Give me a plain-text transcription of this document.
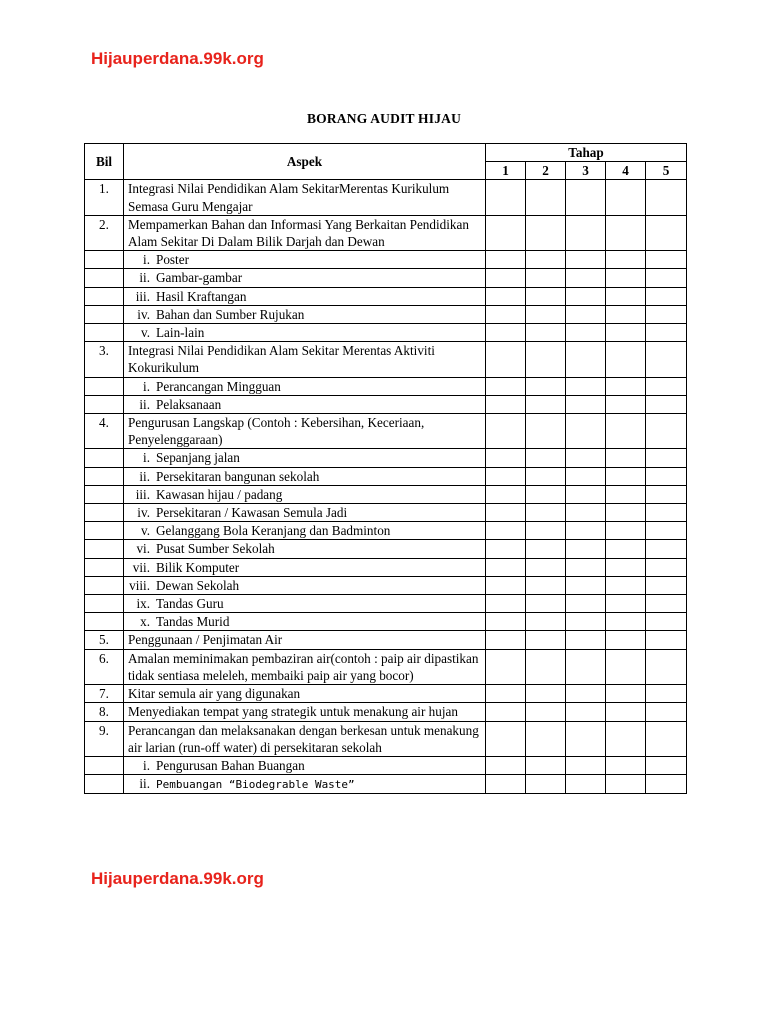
Hijauperdana.99k.org
BORANG AUDIT HIJAU
Bil	Aspek	Tahap				
		1	2	3	4	5
1.	Integrasi Nilai Pendidikan Alam SekitarMerentas Kurikulum Semasa Guru Mengajar					
2.	Mempamerkan Bahan dan Informasi Yang Berkaitan Pendidikan Alam Sekitar Di Dalam Bilik Darjah dan Dewan					
	i. Poster					
	ii. Gambar-gambar					
	iii. Hasil Kraftangan					
	iv. Bahan dan Sumber Rujukan					
	v. Lain-lain					
3.	Integrasi Nilai Pendidikan Alam Sekitar Merentas Aktiviti Kokurikulum					
	i. Perancangan Mingguan					
	ii. Pelaksanaan					
4.	Pengurusan Langskap (Contoh : Kebersihan, Keceriaan, Penyelenggaraan)					
	i. Sepanjang jalan					
	ii. Persekitaran bangunan sekolah					
	iii. Kawasan hijau / padang					
	iv. Persekitaran / Kawasan Semula Jadi					
	v. Gelanggang Bola Keranjang dan Badminton					
	vi. Pusat Sumber Sekolah					
	vii. Bilik Komputer					
	viii. Dewan Sekolah					
	ix. Tandas Guru					
	x. Tandas Murid					
5.	Penggunaan / Penjimatan Air					
6.	Amalan meminimakan pembaziran air(contoh : paip air dipastikan tidak sentiasa meleleh, membaiki paip air yang bocor)					
7.	Kitar semula air yang digunakan					
8.	Menyediakan tempat yang strategik untuk menakung air hujan					
9.	Perancangan dan melaksanakan dengan berkesan untuk menakung air larian (run-off water) di persekitaran sekolah					
	i. Pengurusan Bahan Buangan					
	ii. Pembuangan “Biodegrable Waste”					
Hijauperdana.99k.org
